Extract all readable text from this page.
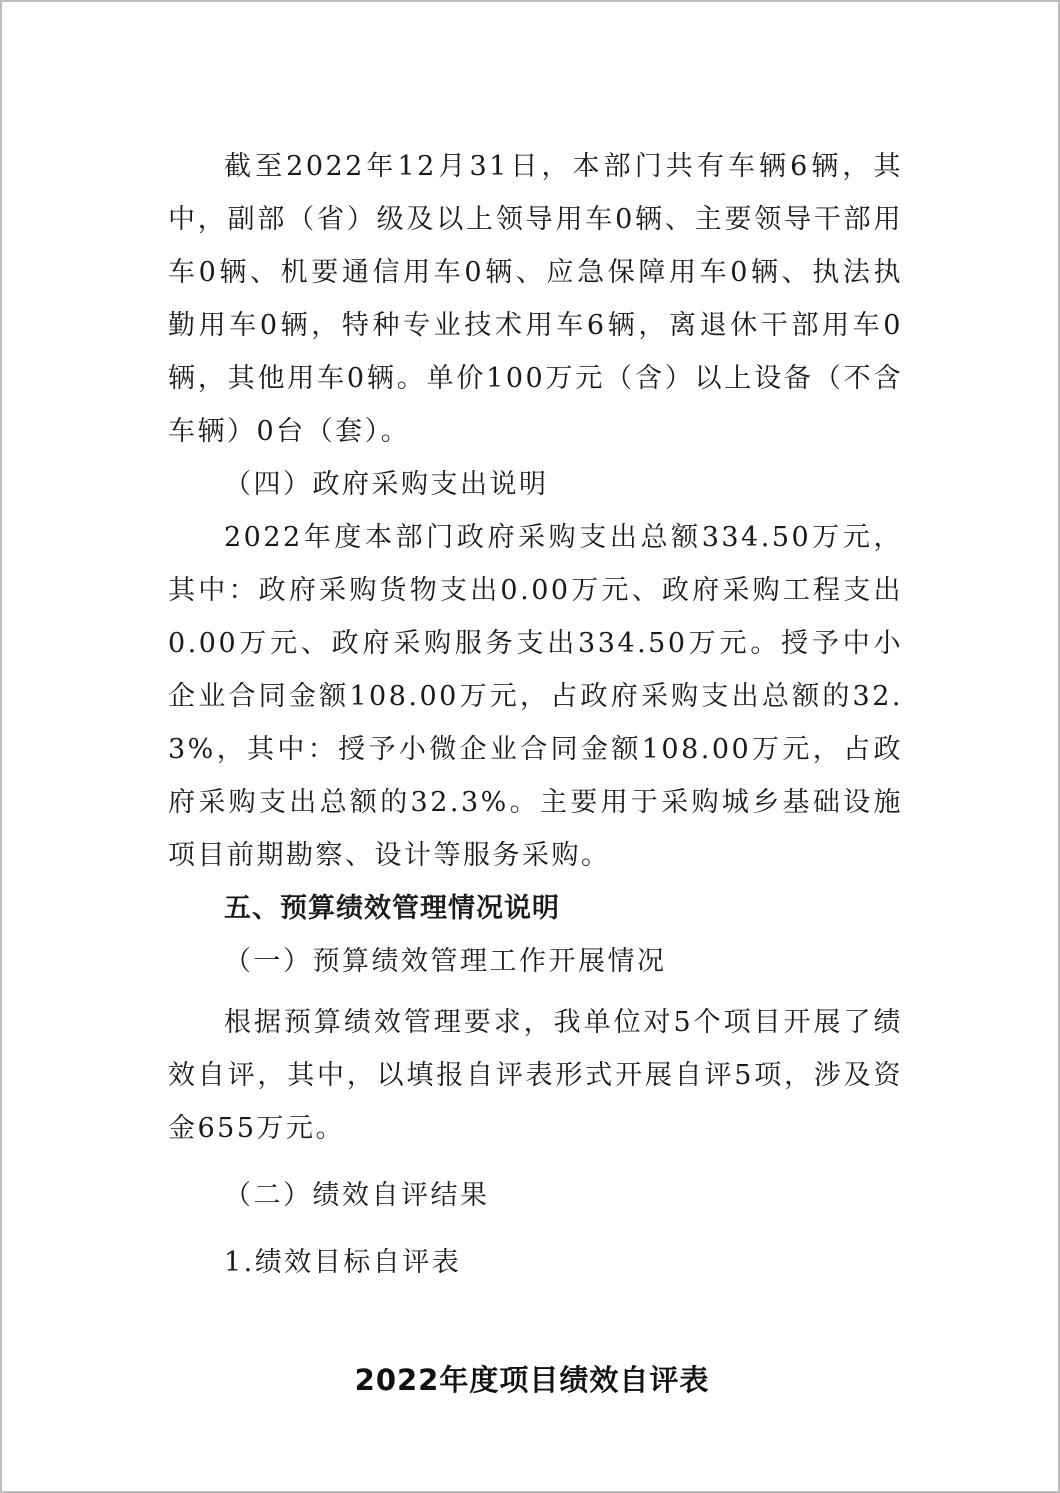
截至2022年12月31日，本部门共有车辆6辆，其中，副部（省）级及以上领导用车0辆、主要领导干部用车0辆、机要通信用车0辆、应急保障用车0辆、执法执勤用车0辆，特种专业技术用车6辆，离退休干部用车0辆，其他用车0辆。单价100万元（含）以上设备（不含车辆）0台（套）。

（四）政府采购支出说明

2022年度本部门政府采购支出总额334.50万元，其中：政府采购货物支出0.00万元、政府采购工程支出0.00万元、政府采购服务支出334.50万元。授予中小企业合同金额108.00万元，占政府采购支出总额的32.3%，其中：授予小微企业合同金额108.00万元，占政府采购支出总额的32.3%。主要用于采购城乡基础设施项目前期勘察、设计等服务采购。

五、预算绩效管理情况说明

（一）预算绩效管理工作开展情况

根据预算绩效管理要求，我单位对5个项目开展了绩效自评，其中，以填报自评表形式开展自评5项，涉及资金655万元。

（二）绩效自评结果

1.绩效目标自评表

2022年度项目绩效自评表
